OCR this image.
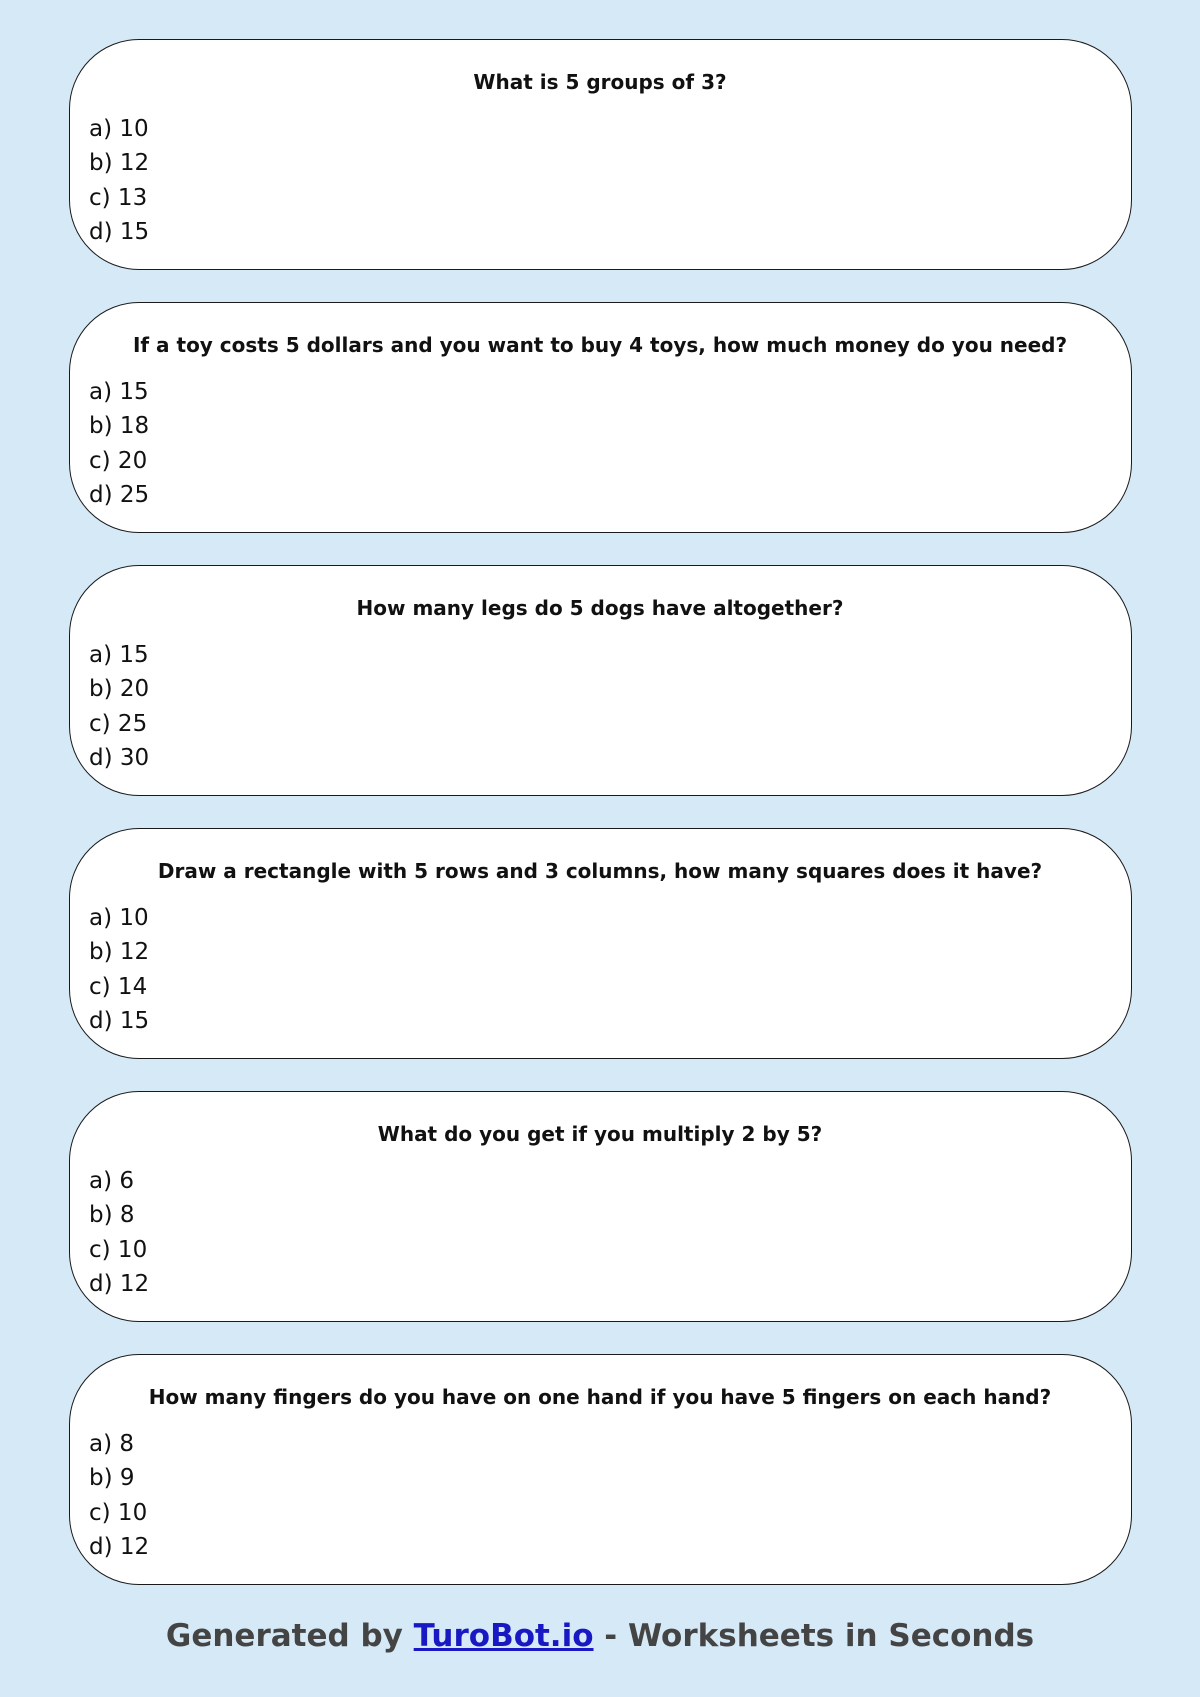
What is 5 groups of 3?

a) 10
b) 12
c) 13
d) 15

If a toy costs 5 dollars and you want to buy 4 toys, how much money do you need?

a) 15
b) 18
c) 20
d) 25

How many legs do 5 dogs have altogether?

a) 15
b) 20
c) 25
d) 30

Draw a rectangle with 5 rows and 3 columns, how many squares does it have?

a) 10
b) 12
c) 14
d) 15

What do you get if you multiply 2 by 5?

a) 6
b) 8
c) 10
d) 12

How many fingers do you have on one hand if you have 5 fingers on each hand?

a) 8
b) 9
c) 10
d) 12
Generated by TuroBot.io - Worksheets in Seconds
